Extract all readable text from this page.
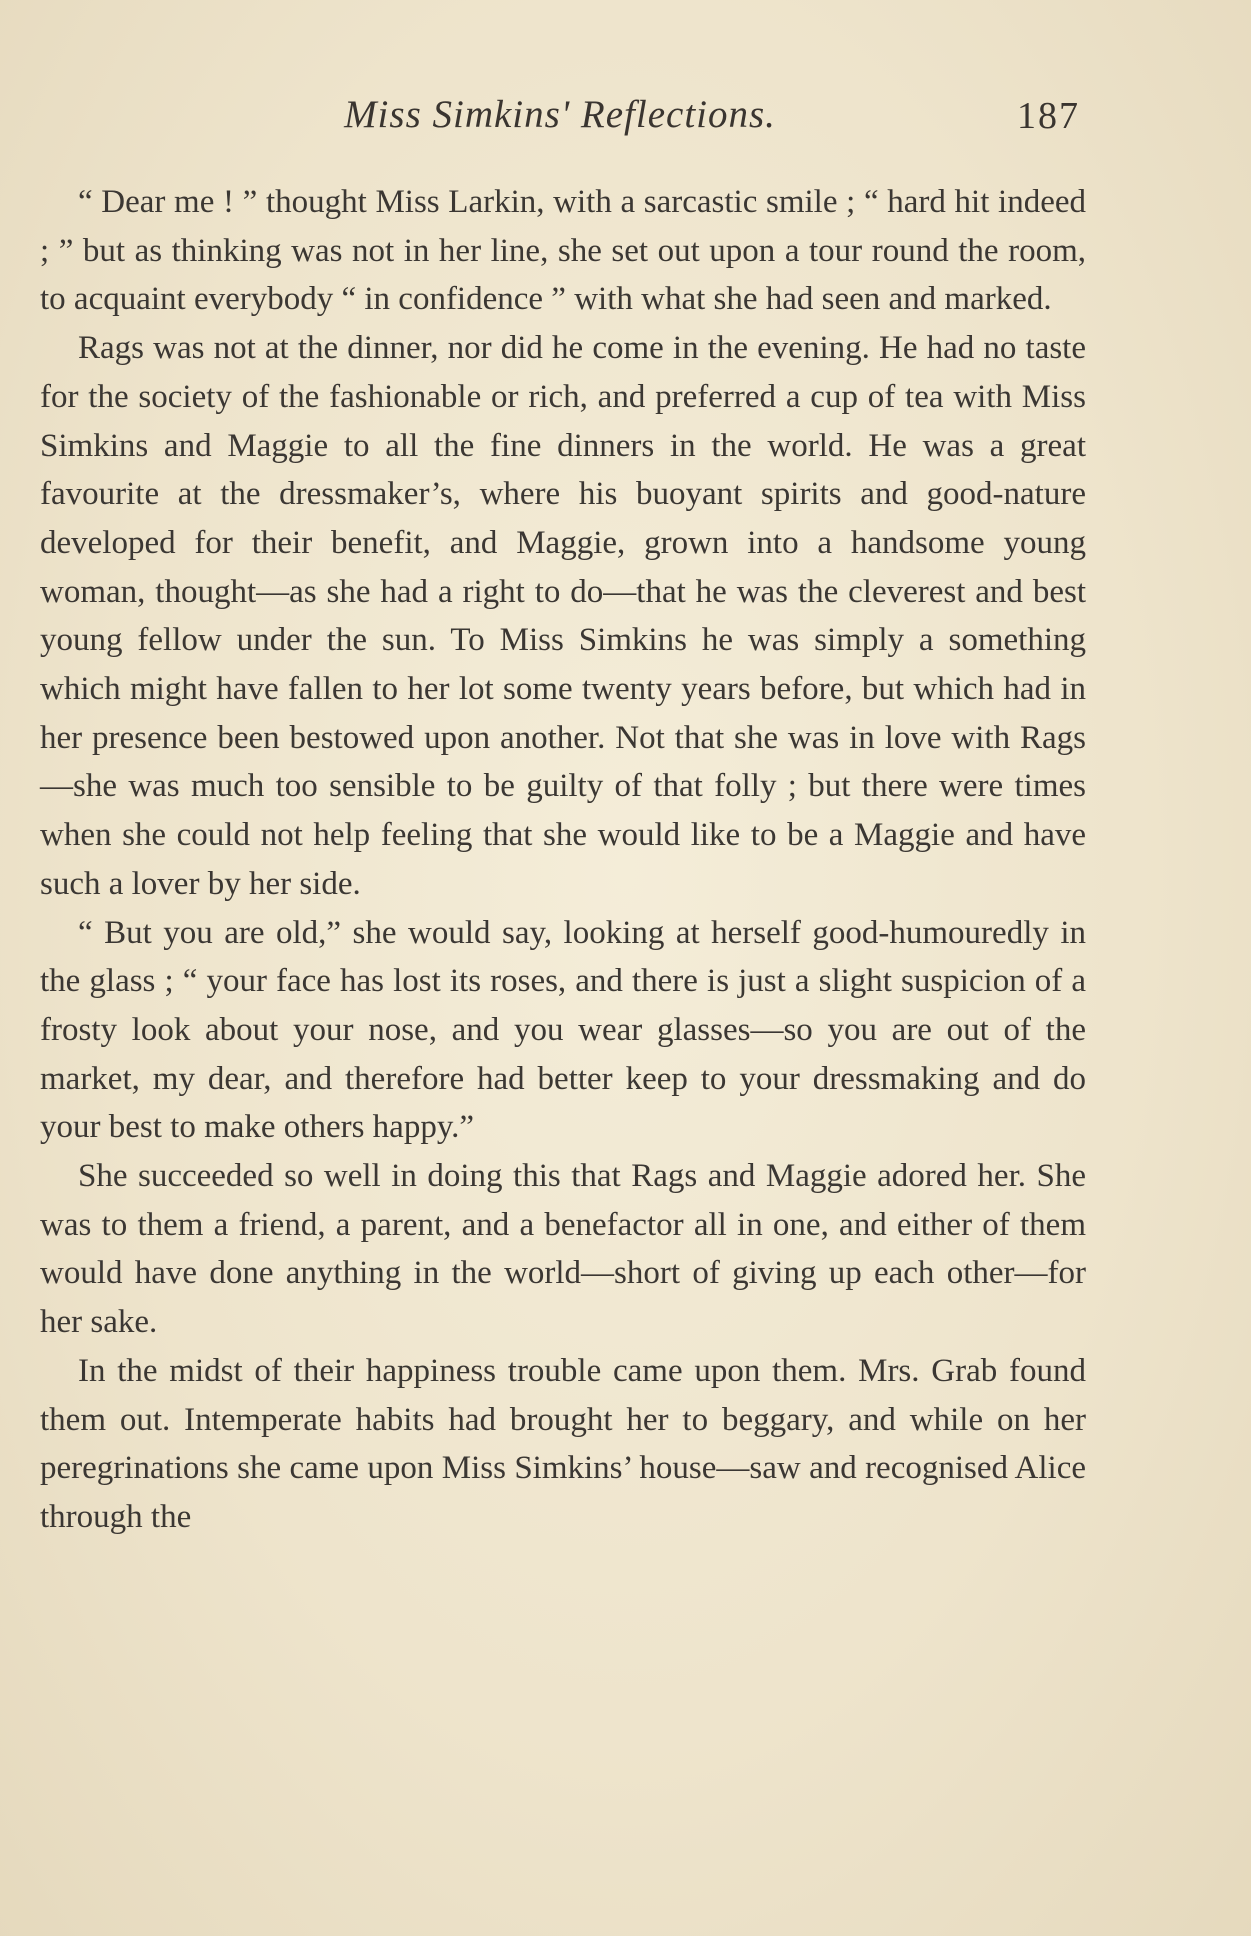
Miss Simkins' Reflections.	187

“ Dear me ! ” thought Miss Larkin, with a sarcastic smile ; “ hard hit indeed ; ” but as thinking was not in her line, she set out upon a tour round the room, to acquaint everybody “ in confidence ” with what she had seen and marked.

Rags was not at the dinner, nor did he come in the evening. He had no taste for the society of the fashionable or rich, and preferred a cup of tea with Miss Simkins and Maggie to all the fine dinners in the world. He was a great favourite at the dressmaker’s, where his buoyant spirits and good-nature developed for their benefit, and Maggie, grown into a handsome young woman, thought—as she had a right to do—that he was the cleverest and best young fellow under the sun. To Miss Simkins he was simply a something which might have fallen to her lot some twenty years before, but which had in her presence been bestowed upon another. Not that she was in love with Rags—she was much too sensible to be guilty of that folly ; but there were times when she could not help feeling that she would like to be a Maggie and have such a lover by her side.

“ But you are old,” she would say, looking at herself good-humouredly in the glass ; “ your face has lost its roses, and there is just a slight suspicion of a frosty look about your nose, and you wear glasses—so you are out of the market, my dear, and therefore had better keep to your dressmaking and do your best to make others happy.”

She succeeded so well in doing this that Rags and Maggie adored her. She was to them a friend, a parent, and a benefactor all in one, and either of them would have done anything in the world—short of giving up each other—for her sake.

In the midst of their happiness trouble came upon them. Mrs. Grab found them out. Intemperate habits had brought her to beggary, and while on her peregrinations she came upon Miss Simkins’ house—saw and recognised Alice through the
